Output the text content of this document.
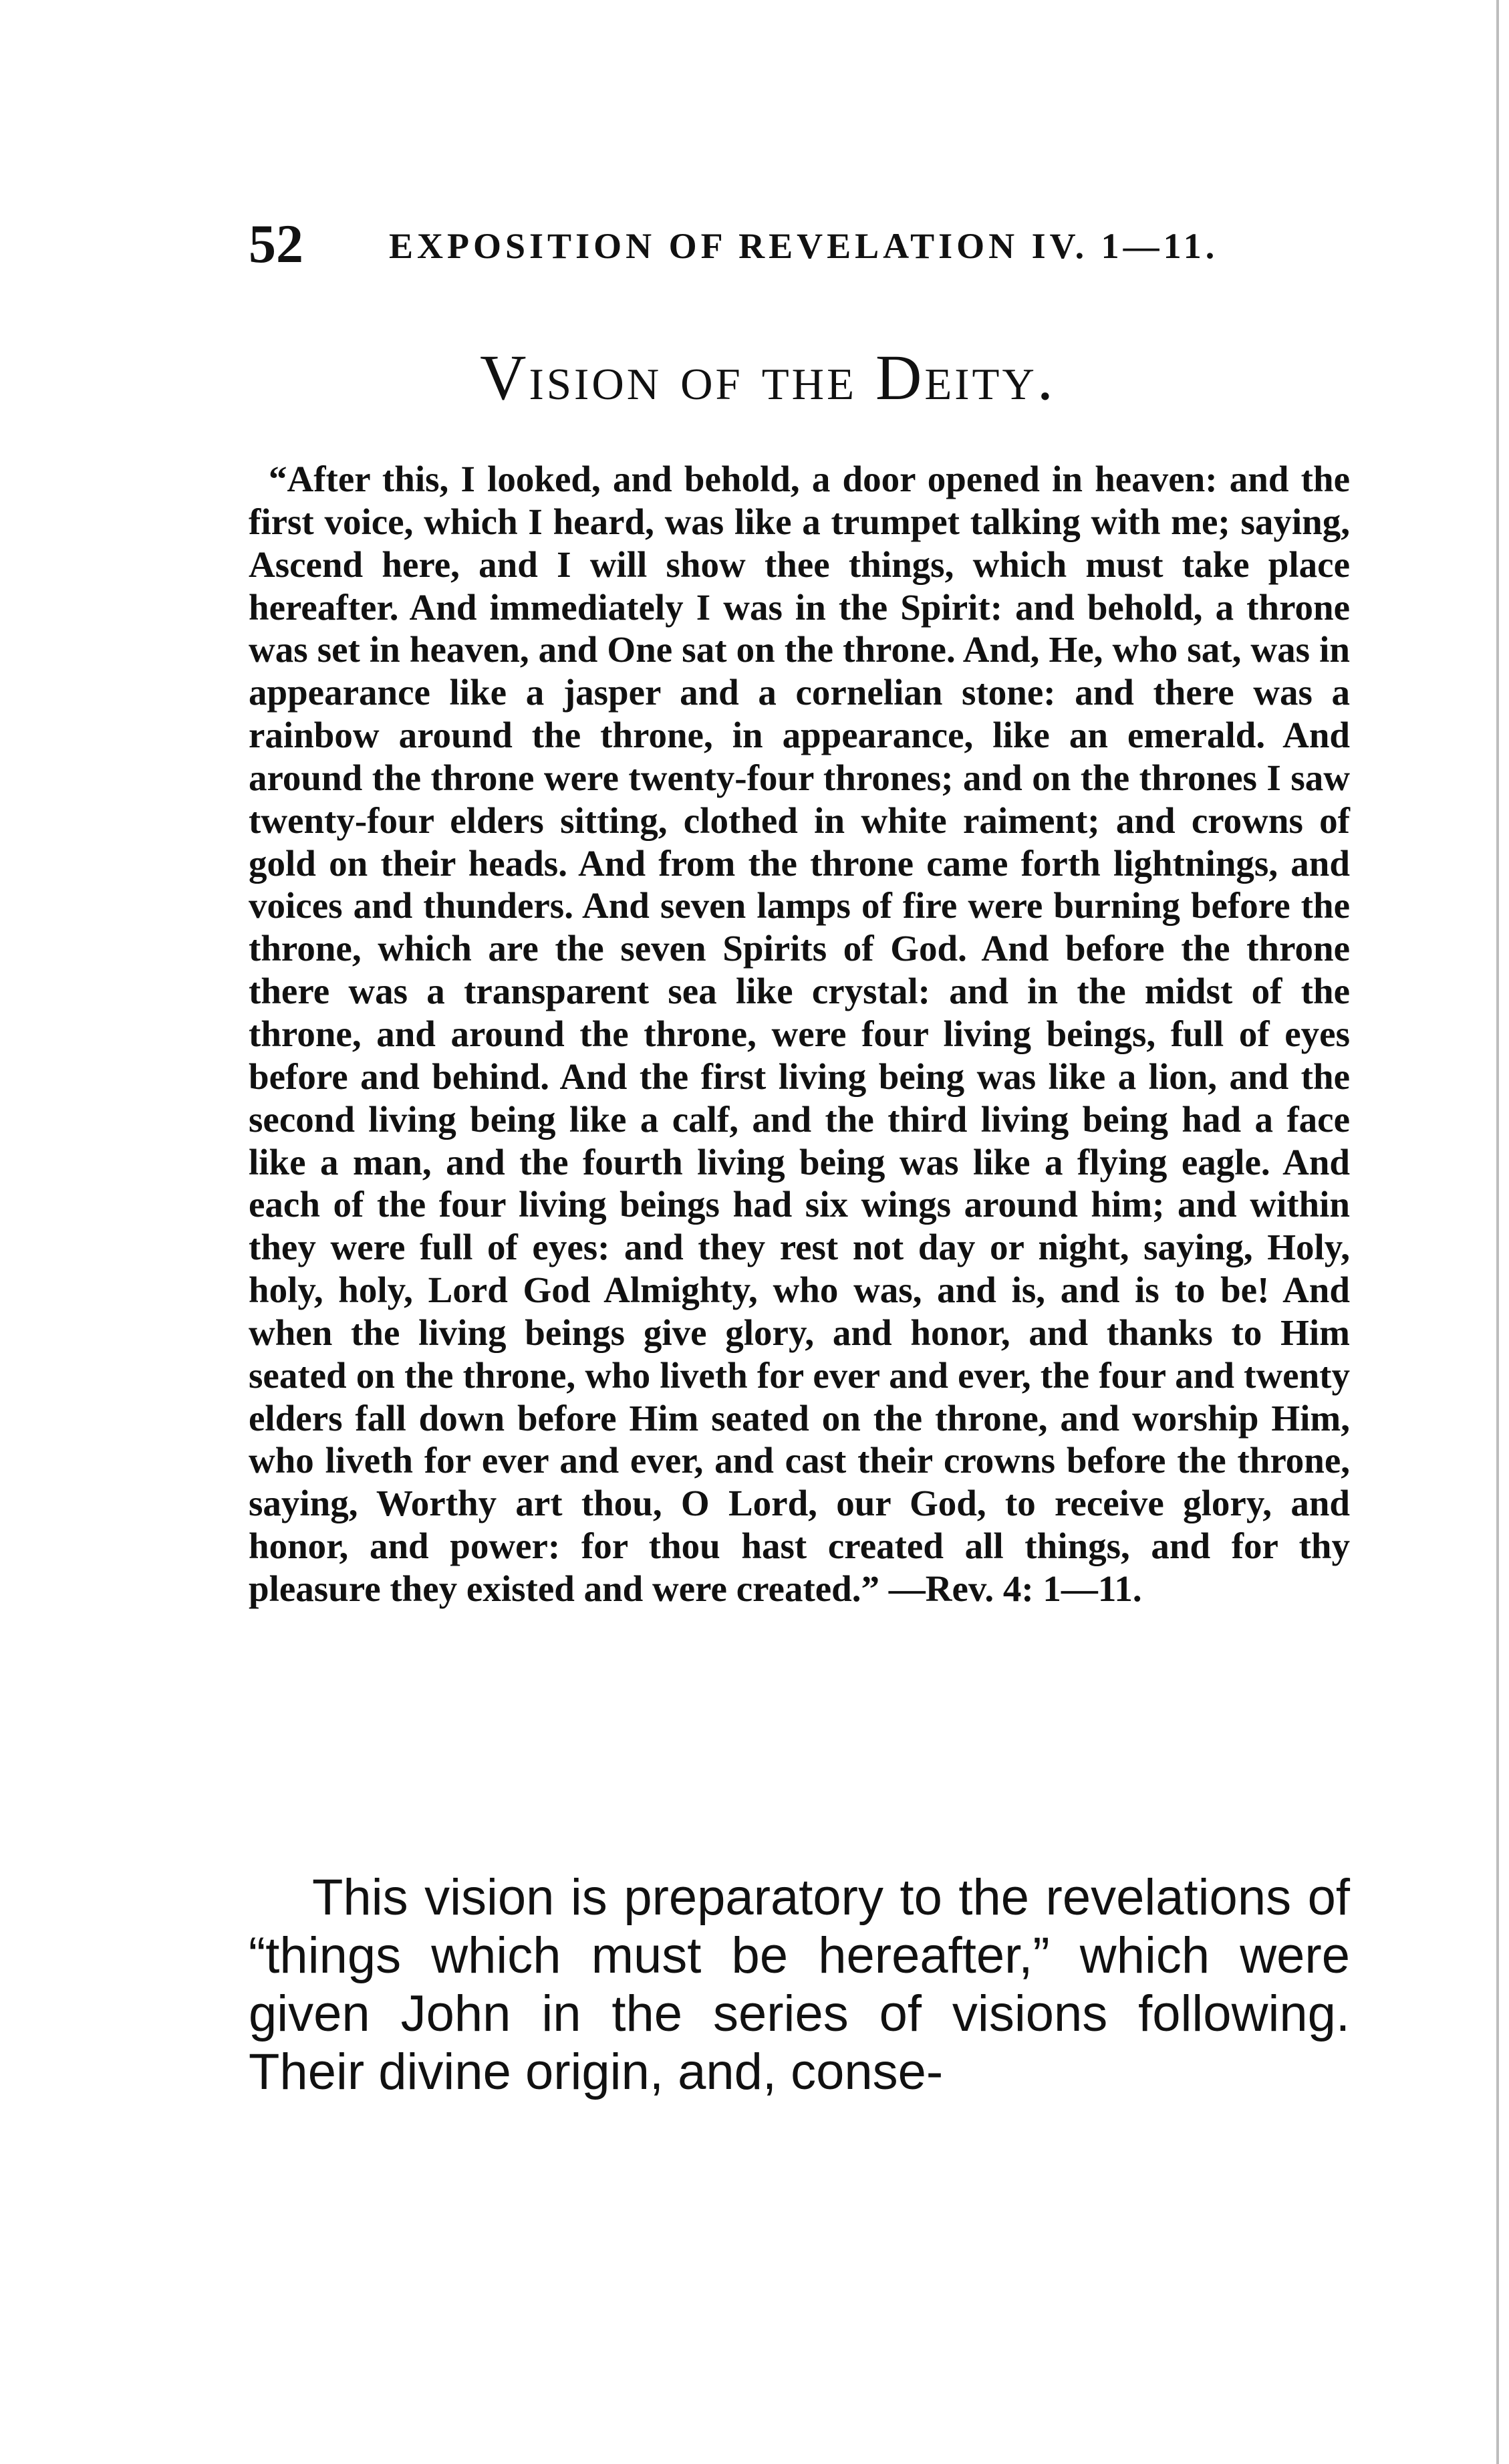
52 EXPOSITION OF REVELATION IV. 1—11.
Vision of the Deity.

“After this, I looked, and behold, a door opened in heaven: and the first voice, which I heard, was like a trumpet talking with me; saying, Ascend here, and I will show thee things, which must take place hereafter. And immediately I was in the Spirit: and behold, a throne was set in heaven, and One sat on the throne. And, He, who sat, was in appearance like a jasper and a cornelian stone: and there was a rainbow around the throne, in appearance, like an emerald. And around the throne were twenty-four thrones; and on the thrones I saw twenty-four elders sitting, clothed in white raiment; and crowns of gold on their heads. And from the throne came forth lightnings, and voices and thunders. And seven lamps of fire were burning before the throne, which are the seven Spirits of God. And before the throne there was a transparent sea like crystal: and in the midst of the throne, and around the throne, were four living beings, full of eyes before and behind. And the first living being was like a lion, and the second living being like a calf, and the third living being had a face like a man, and the fourth living being was like a flying eagle. And each of the four living beings had six wings around him; and within they were full of eyes: and they rest not day or night, saying, Holy, holy, holy, Lord God Almighty, who was, and is, and is to be! And when the living beings give glory, and honor, and thanks to Him seated on the throne, who liveth for ever and ever, the four and twenty elders fall down before Him seated on the throne, and worship Him, who liveth for ever and ever, and cast their crowns before the throne, saying, Worthy art thou, O Lord, our God, to receive glory, and honor, and power: for thou hast created all things, and for thy pleasure they existed and were created.” —Rev. 4: 1—11.

This vision is preparatory to the revelations of “things which must be hereafter,” which were given John in the series of visions following. Their divine origin, and, conse-
